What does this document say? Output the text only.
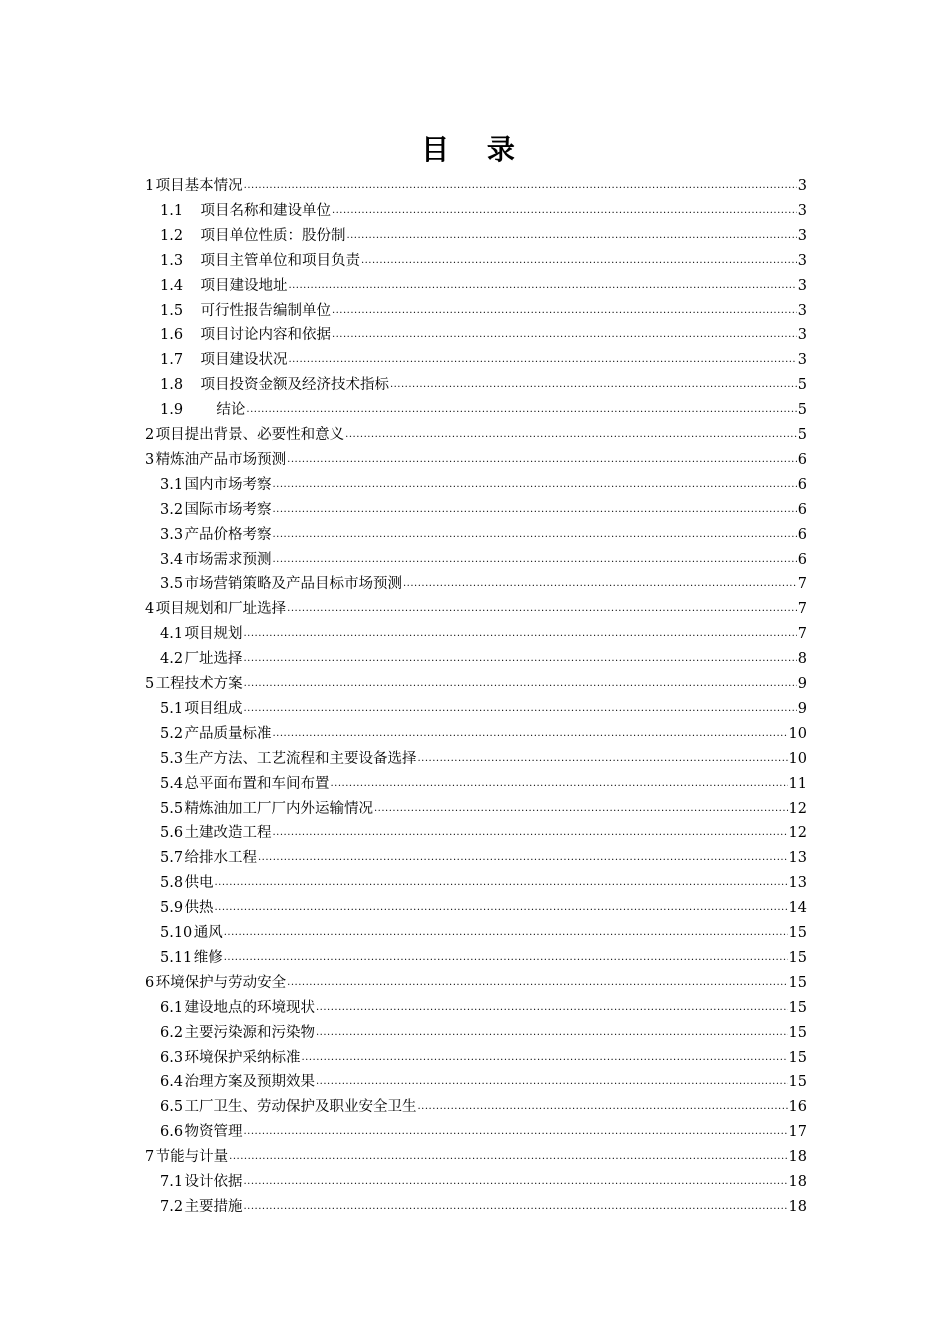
目 录
1 项目基本情况 .....	3
1.1 项目名称和建设单位 .....	3
1.2 项目单位性质：股份制 .....	3
1.3 项目主管单位和项目负责 .....	3
1.4 项目建设地址 .....	3
1.5 可行性报告编制单位 .....	3
1.6 项目讨论内容和依据 .....	3
1.7 项目建设状况 .....	3
1.8 项目投资金额及经济技术指标 .....	5
1.9 结论 .....	5
2 项目提出背景、必要性和意义 .....	5
3 精炼油产品市场预测 .....	6
3.1 国内市场考察 .....	6
3.2 国际市场考察 .....	6
3.3 产品价格考察 .....	6
3.4 市场需求预测 .....	6
3.5 市场营销策略及产品目标市场预测 .....	7
4 项目规划和厂址选择 .....	7
4.1 项目规划 .....	7
4.2 厂址选择 .....	8
5 工程技术方案 .....	9
5.1 项目组成 .....	9
5.2 产品质量标准 .....	10
5.3 生产方法、工艺流程和主要设备选择 .....	10
5.4 总平面布置和车间布置 .....	11
5.5 精炼油加工厂厂内外运输情况 .....	12
5.6 土建改造工程 .....	12
5.7 给排水工程 .....	13
5.8 供电 .....	13
5.9 供热 .....	14
5.10 通风 .....	15
5.11 维修 .....	15
6 环境保护与劳动安全 .....	15
6.1 建设地点的环境现状 .....	15
6.2 主要污染源和污染物 .....	15
6.3 环境保护采纳标准 .....	15
6.4 治理方案及预期效果 .....	15
6.5 工厂卫生、劳动保护及职业安全卫生 .....	16
6.6 物资管理 .....	17
7 节能与计量 .....	18
7.1 设计依据 .....	18
7.2 主要措施 .....	18
